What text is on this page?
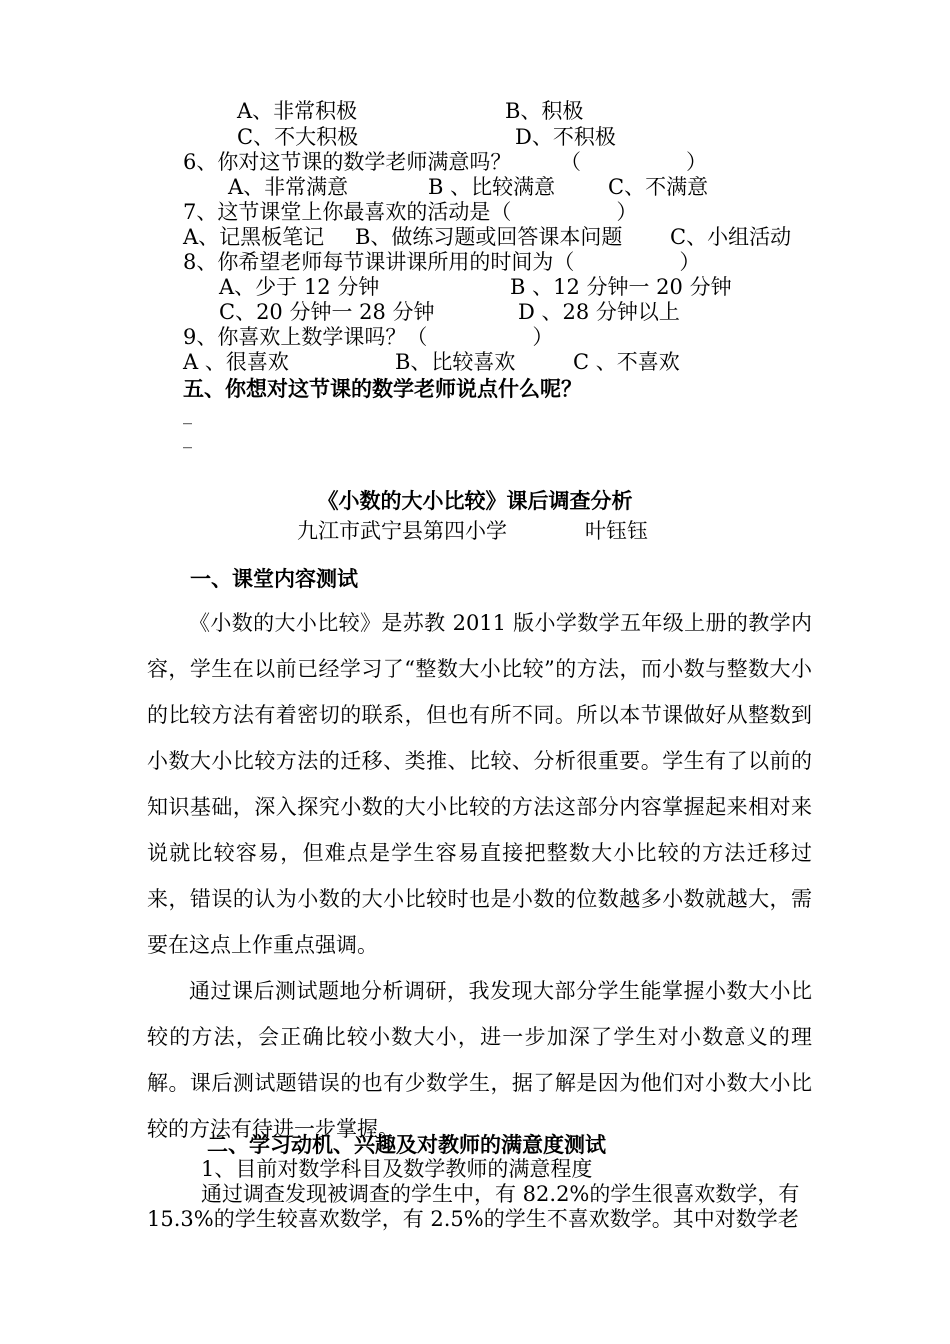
A、非常积极	B、积极
C、不大积极	D、不积极
6、你对这节课的数学老师满意吗？ （　　　　　）
A、非常满意	B 、比较满意	C、不满意
7、这节课堂上你最喜欢的活动是（　　　　　）
A、记黑板笔记 B、做练习题或回答课本问题 C、小组活动
8、你希望老师每节课讲课所用的时间为（　　　　　）
A、少于 12 分钟	B 、12 分钟一 20 分钟
C、20 分钟一 28 分钟	D 、28 分钟以上
9、你喜欢上数学课吗？（　　　　　）
A 、很喜欢	B、比较喜欢	C 、不喜欢
五、你想对这节课的数学老师说点什么呢？
_
_
《小数的大小比较》课后调查分析
九江市武宁县第四小学	叶钰钰
一、课堂内容测试

《小数的大小比较》是苏教 2011 版小学数学五年级上册的教学内容，学生在以前已经学习了“整数大小比较”的方法，而小数与整数大小的比较方法有着密切的联系，但也有所不同。所以本节课做好从整数到小数大小比较方法的迁移、类推、比较、分析很重要。学生有了以前的知识基础，深入探究小数的大小比较的方法这部分内容掌握起来相对来说就比较容易，但难点是学生容易直接把整数大小比较的方法迁移过来，错误的认为小数的大小比较时也是小数的位数越多小数就越大，需要在这点上作重点强调。

通过课后测试题地分析调研，我发现大部分学生能掌握小数大小比较的方法，会正确比较小数大小，进一步加深了学生对小数意义的理解。课后测试题错误的也有少数学生，据了解是因为他们对小数大小比较的方法有待进一步掌握。

二、学习动机、兴趣及对教师的满意度测试
1、目前对数学科目及数学教师的满意程度
通过调查发现被调查的学生中，有 82.2%的学生很喜欢数学，有
15.3%的学生较喜欢数学，有 2.5%的学生不喜欢数学。其中对数学老
